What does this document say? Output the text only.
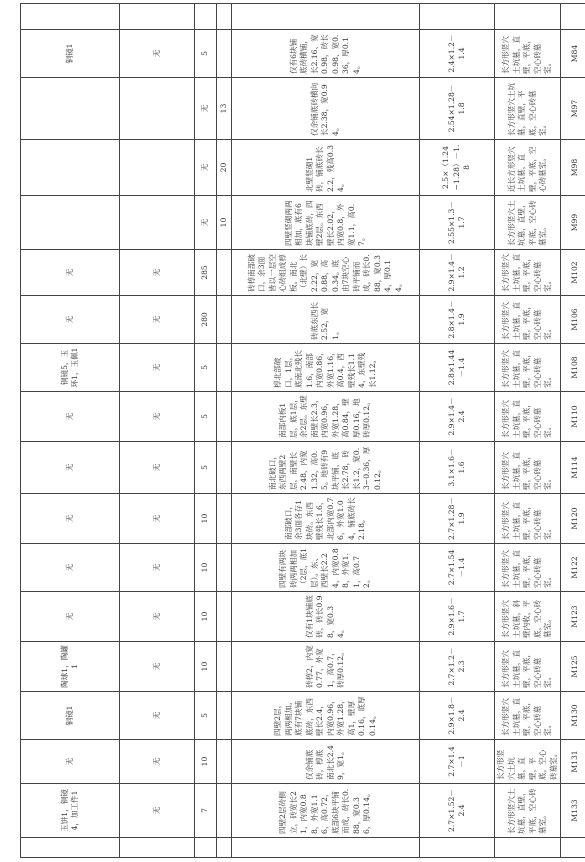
	玉饼1，铜镜4，加工件1	无	铜镜1	陶球1，陶罐1	无	无	无	无	无	铜镜5，玉环1，玉佩1	无	无				铜镜1	
	无	无	无	无	无	无	无	无	无	无	无	无				无	
	7	10	5	10	10	10	10	5	5	5	280	285	无	无	无	5	
													10	20	13		
	四壁2层砖侧立，砖宽长21，内宽0.88，外宽1.16，高0.72，底部6块平铺而成，砖长0.88，宽0.36，厚0.14。	仅余铺底砖，椁底南北长2.49，宽1。	四壁2层，两两相加。底有7块铺底砖，东西壁长2.4，内宽0.96，外宽1.28，高1，壁厚0.16，底厚0.14。	砖椁2，内宽0.77，外宽1，高0.7，砖厚0.12。	仅有1块铺底砖，砖长0.98，宽0.34。	四壁有两块砖两两相加（2层，底1层）。东、西壁长2.24，内宽0.88，外宽1.1，高0.72。	南部破口，余3面各存1块砖。东西壁残长1.6，北部内宽0.76，外宽1.04，铺底砖长2.18。	南北破口，东西两壁2层，南壁长2.48，内宽1.32，高0.5。地砖有9块平铺，底长2.78，砖长1.2，宽0.3~0.36，厚0.12。	南部内板1层，底1层，余2层。东壁南壁长2.3，内宽0.96，外宽1.28，高0.84，壁厚0.16，地砖厚0.12。	椁北部破口，1层，底南北残长1.6，南部内宽0.86，外宽1.16，高0.4，西壁残长1.14，东壁残长1.12。	砖底东西长2.52，宽1。	砖椁南部破口，余3面皆以一层空心砖组成椁板。南北（北壁）长2.22，宽0.88，高0.34。底由7块空心砖平铺而成，砖长0.88，宽0.34，厚0.14。	四壁竖砌两两相加，底有6块铺底砖，四壁2层。东西壁长2.02，内宽0.8，外宽1.1，高0.7。	北壁竖砌1砖，铺底砖长2.2，残高0.34。	仅余铺底砖横向长2.38，宽0.94。	仅有6块铺底砖横铺，长2.16、宽0.98，砖长0.98、宽0.36，厚0.14。	
	2.7×1.52－2.4	2.7×1.4－1	2.9×1.8－2.4	2.7×1.2－2.3	2.9×1.6－1.7	2.7×1.54－1.4	2.7×1.28－1.9	3.1×1.6－1.6	2.9×1.4－2.4	2.8×1.44－1.4	2.8×1.4－1.9	2.9×1.4－1.2	2.55×1.3－1.7	2.5×（1.24~1.28）－1.8	2.54×1.28－1.8	2.4×1.2－1.4	
	长方形竖穴土坑墓，直壁，平底，空心砖墓室。	长方形竖穴土坑墓，直壁，平底，空心砖墓室。	长方形竖穴土坑墓，直壁，平底，空心砖墓室。	长方形竖穴土坑墓，直壁，平底，空心砖墓室。	长方形竖穴土坑墓，斜壁内收，平底，空心砖墓室。	长方形竖穴土坑墓，直壁，平底，空心砖墓室。	长方形竖穴土坑墓，直壁，平底，空心砖墓室。	长方形竖穴土坑墓，直壁，平底，空心砖墓室。	长方形竖穴土坑墓，直壁，平底，空心砖墓室。	长方形竖穴土坑墓，直壁，平底，空心砖墓室。	长方形竖穴土坑墓，直壁，平底，空心砖墓室。	长方形竖穴土坑墓，直壁，平底，空心砖墓室。	长方形竖穴土坑墓，直壁，平底，空心砖墓室。	近长方形竖穴土坑墓，直壁，平底，空心砖墓室。	长方形竖穴土坑墓，直壁，平底，空心砖墓室。	长方形竖穴土坑墓，直壁，平底，空心砖墓室。	
	M133	M131	M130	M125	M123	M122	M120	M114	M110	M108	M106	M102	M99	M98	M97	M84	
